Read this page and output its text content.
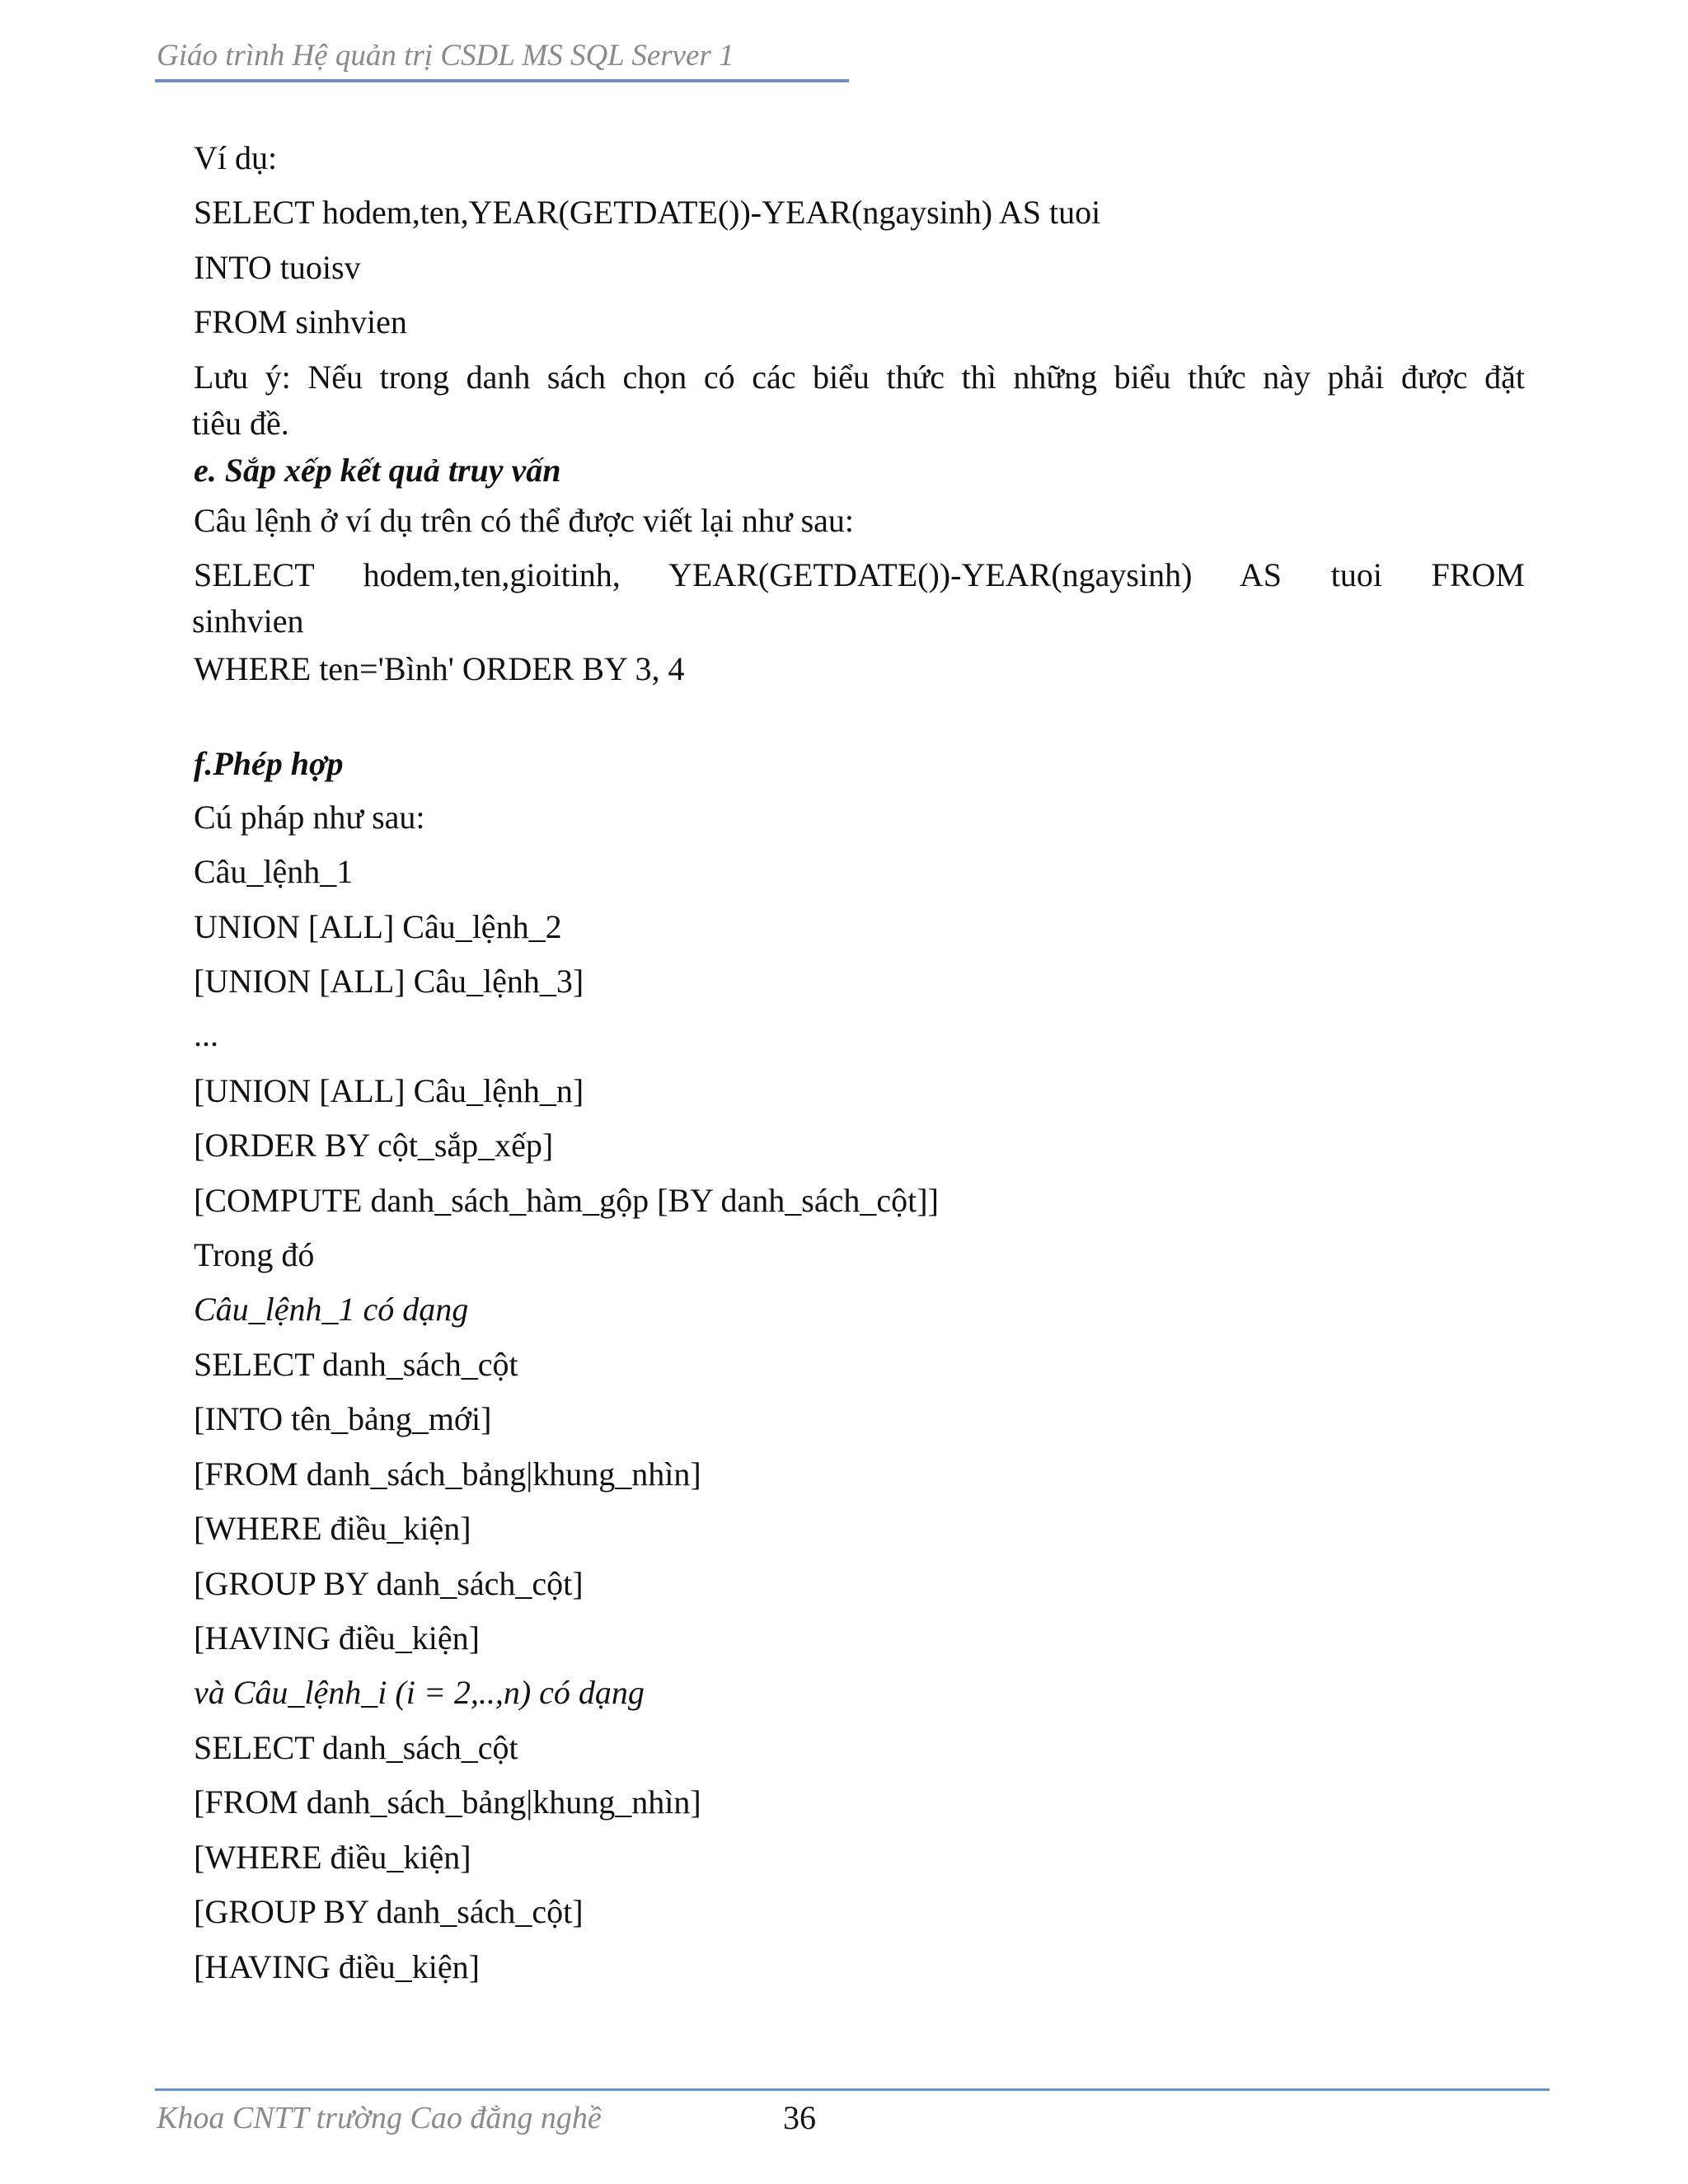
Giáo trình Hệ quản trị CSDL MS SQL Server 1
Ví dụ:
SELECT hodem,ten,YEAR(GETDATE())-YEAR(ngaysinh) AS tuoi
INTO tuoisv
FROM sinhvien
Lưu ý: Nếu trong danh sách chọn có các biểu thức thì những biểu thức này phải được đặt
tiêu đề.
e. Sắp xếp kết quả truy vấn
Câu lệnh ở ví dụ trên có thể được viết lại như sau:
SELECT hodem,ten,gioitinh, YEAR(GETDATE())-YEAR(ngaysinh) AS tuoi FROM
sinhvien
WHERE ten='Bình' ORDER BY 3, 4
f.Phép hợp
Cú pháp như sau:
Câu_lệnh_1
UNION [ALL] Câu_lệnh_2
[UNION [ALL] Câu_lệnh_3]
...
[UNION [ALL] Câu_lệnh_n]
[ORDER BY cột_sắp_xếp]
[COMPUTE danh_sách_hàm_gộp [BY danh_sách_cột]]
Trong đó
Câu_lệnh_1 có dạng
SELECT danh_sách_cột
[INTO tên_bảng_mới]
[FROM danh_sách_bảng|khung_nhìn]
[WHERE điều_kiện]
[GROUP BY danh_sách_cột]
[HAVING điều_kiện]
và Câu_lệnh_i (i = 2,..,n) có dạng
SELECT danh_sách_cột
[FROM danh_sách_bảng|khung_nhìn]
[WHERE điều_kiện]
[GROUP BY danh_sách_cột]
[HAVING điều_kiện]
Khoa CNTT trường Cao đẳng nghề	36
